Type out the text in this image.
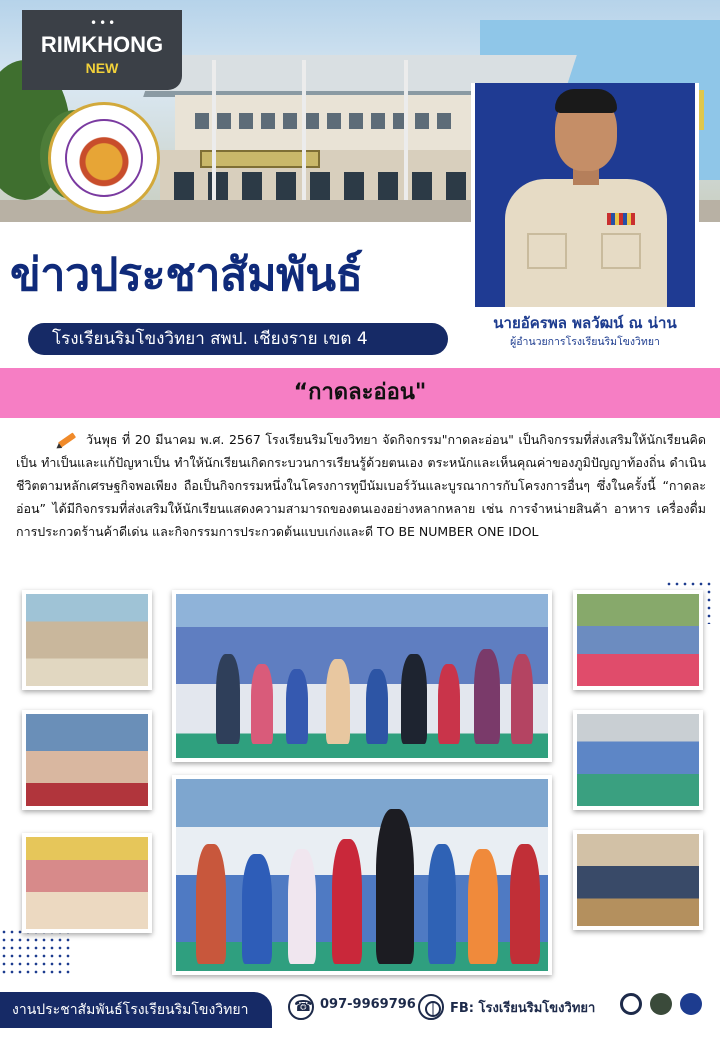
•••
RIMKHONG
NEW
นายอัครพล พลวัฒน์ ณ น่าน
ผู้อำนวยการโรงเรียนริมโขงวิทยา
ข่าวประชาสัมพันธ์
โรงเรียนริมโขงวิทยา สพป. เชียงราย เขต 4
“กาดละอ่อน"
วันพุธ ที่ 20 มีนาคม พ.ศ. 2567 โรงเรียนริมโขงวิทยา จัดกิจกรรม"กาดละอ่อน" เป็นกิจกรรมที่ส่งเสริมให้นักเรียนคิดเป็น ทำเป็นและแก้ปัญหาเป็น ทำให้นักเรียนเกิดกระบวนการเรียนรู้ด้วยตนเอง ตระหนักและเห็นคุณค่าของภูมิปัญญาท้องถิ่น ดำเนินชีวิตตามหลักเศรษฐกิจพอเพียง ถือเป็นกิจกรรมหนึ่งในโครงการทูบีนัมเบอร์วันและบูรณาการกับโครงการอื่นๆ ซึ่งในครั้งนี้ “กาดละอ่อน” ได้มีกิจกรรมที่ส่งเสริมให้นักเรียนแสดงความสามารถของตนเองอย่างหลากหลาย เช่น การจำหน่ายสินค้า อาหาร เครื่องดื่ม การประกวดร้านค้าดีเด่น และกิจกรรมการประกวดต้นแบบเก่งและดี TO BE NUMBER ONE IDOL
งานประชาสัมพันธ์โรงเรียนริมโขงวิทยา
☎	097-9969796	FB: โรงเรียนริมโขงวิทยา
